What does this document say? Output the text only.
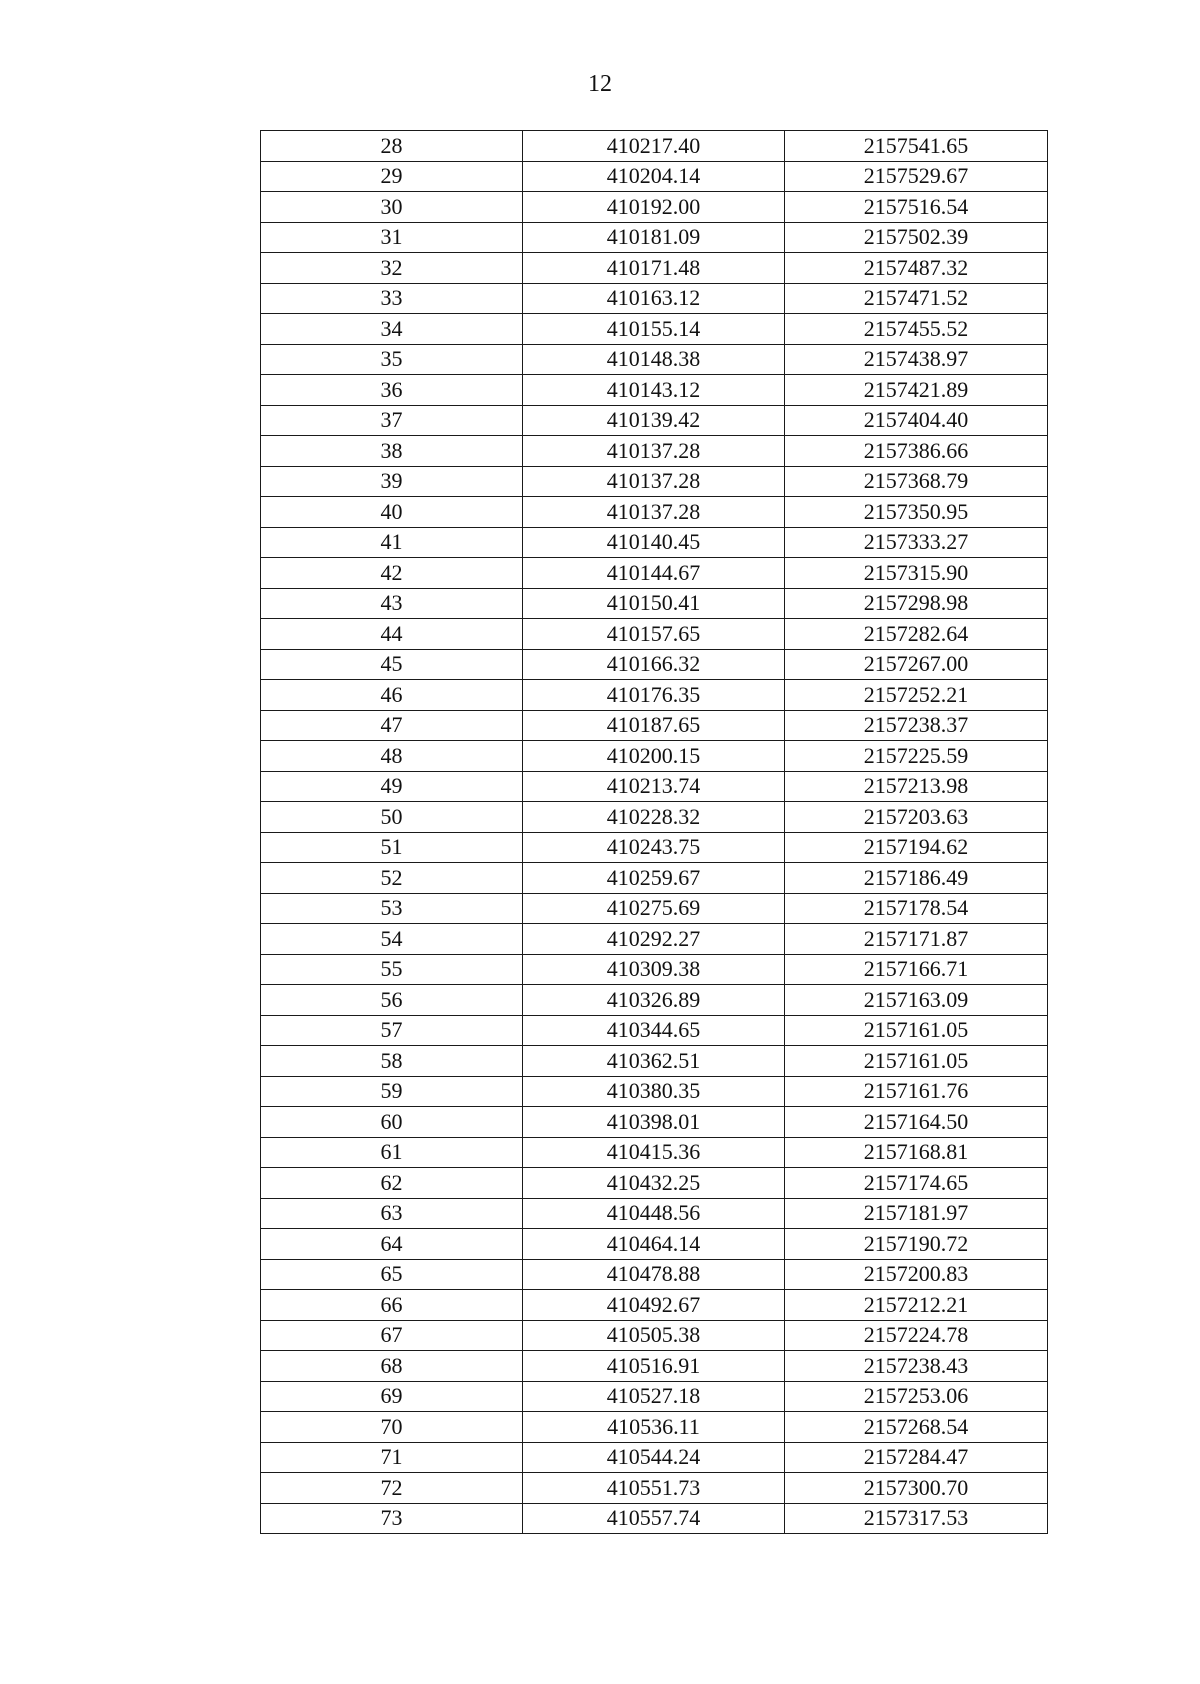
12
28	410217.40	2157541.65
29	410204.14	2157529.67
30	410192.00	2157516.54
31	410181.09	2157502.39
32	410171.48	2157487.32
33	410163.12	2157471.52
34	410155.14	2157455.52
35	410148.38	2157438.97
36	410143.12	2157421.89
37	410139.42	2157404.40
38	410137.28	2157386.66
39	410137.28	2157368.79
40	410137.28	2157350.95
41	410140.45	2157333.27
42	410144.67	2157315.90
43	410150.41	2157298.98
44	410157.65	2157282.64
45	410166.32	2157267.00
46	410176.35	2157252.21
47	410187.65	2157238.37
48	410200.15	2157225.59
49	410213.74	2157213.98
50	410228.32	2157203.63
51	410243.75	2157194.62
52	410259.67	2157186.49
53	410275.69	2157178.54
54	410292.27	2157171.87
55	410309.38	2157166.71
56	410326.89	2157163.09
57	410344.65	2157161.05
58	410362.51	2157161.05
59	410380.35	2157161.76
60	410398.01	2157164.50
61	410415.36	2157168.81
62	410432.25	2157174.65
63	410448.56	2157181.97
64	410464.14	2157190.72
65	410478.88	2157200.83
66	410492.67	2157212.21
67	410505.38	2157224.78
68	410516.91	2157238.43
69	410527.18	2157253.06
70	410536.11	2157268.54
71	410544.24	2157284.47
72	410551.73	2157300.70
73	410557.74	2157317.53
